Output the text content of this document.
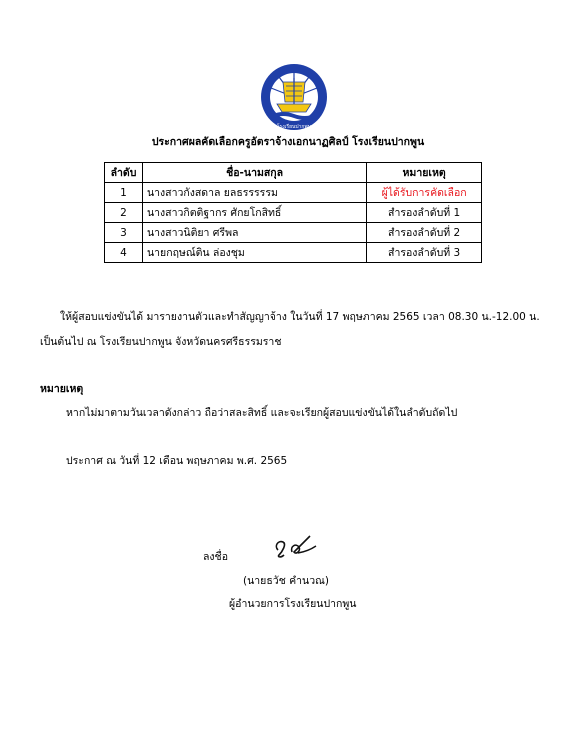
โรงเรียนปากพูน
ประกาศผลคัดเลือกครูอัตราจ้างเอกนาฏศิลป์ โรงเรียนปากพูน
ลำดับ	ชื่อ-นามสกุล	หมายเหตุ
1	นางสาวกังสดาล ยลธรรรรรม	ผู้ได้รับการคัดเลือก
2	นางสาวกิตติฐากร ศักยโกสิทธิ์	สำรองลำดับที่ 1
3	นางสาวนิติยา ศรีพล	สำรองลำดับที่ 2
4	นายกฤษณ์ติน ล่องชุม	สำรองลำดับที่ 3
ให้ผู้สอบแข่งขันได้ มารายงานตัวและทำสัญญาจ้าง ในวันที่ 17 พฤษภาคม 2565 เวลา 08.30 น.-12.00 น.
เป็นต้นไป ณ โรงเรียนปากพูน จังหวัดนครศรีธรรมราช
หมายเหตุ
หากไม่มาตามวันเวลาดังกล่าว ถือว่าสละสิทธิ์ และจะเรียกผู้สอบแข่งขันได้ในลำดับถัดไป
ประกาศ ณ วันที่ 12 เดือน พฤษภาคม พ.ศ. 2565
ลงชื่อ
(นายธวัช คำนวณ)
ผู้อำนวยการโรงเรียนปากพูน
